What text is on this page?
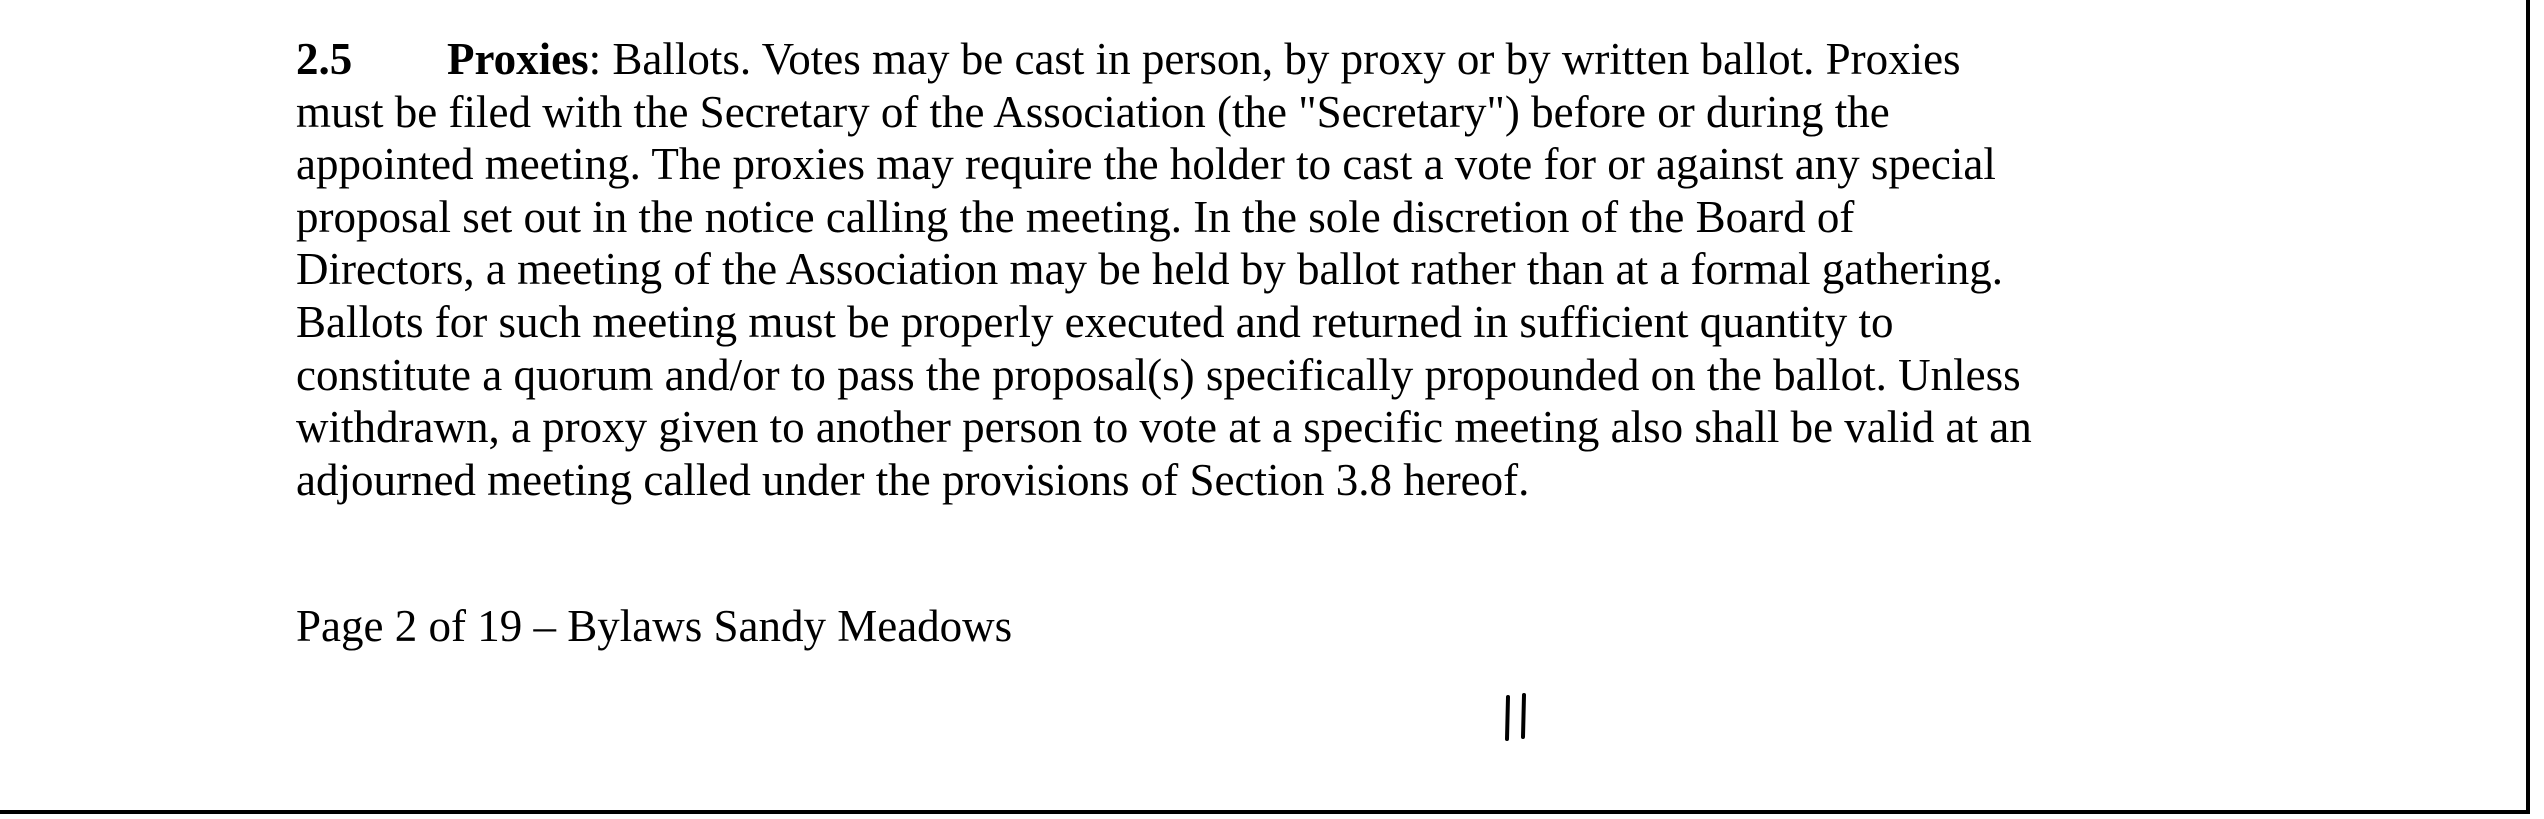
2.5 Proxies: Ballots. Votes may be cast in person, by proxy or by written ballot. Proxies
must be filed with the Secretary of the Association (the "Secretary") before or during the
appointed meeting. The proxies may require the holder to cast a vote for or against any special
proposal set out in the notice calling the meeting. In the sole discretion of the Board of
Directors, a meeting of the Association may be held by ballot rather than at a formal gathering.
Ballots for such meeting must be properly executed and returned in sufficient quantity to
constitute a quorum and/or to pass the proposal(s) specifically propounded on the ballot. Unless
withdrawn, a proxy given to another person to vote at a specific meeting also shall be valid at an
adjourned meeting called under the provisions of Section 3.8 hereof.
Page 2 of 19 – Bylaws Sandy Meadows
